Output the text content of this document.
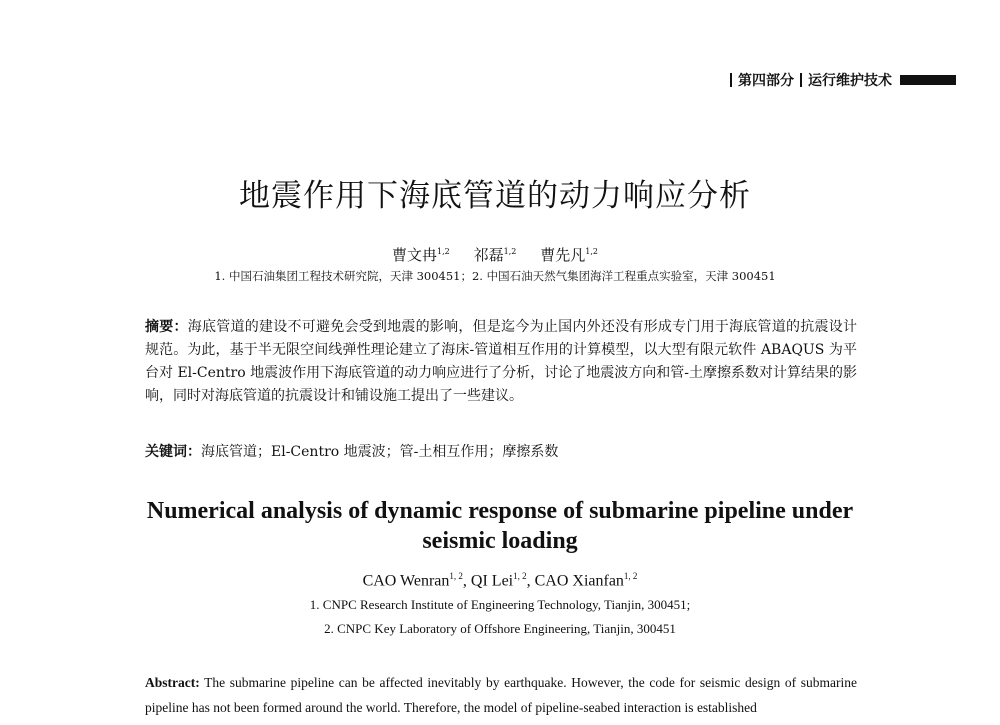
第四部分 运行维护技术
地震作用下海底管道的动力响应分析
曹文冉$^{1,2}$ 祁磊$^{1,2}$ 曹先凡$^{1,2}$
1. 中国石油集团工程技术研究院，天津 300451；2. 中国石油天然气集团海洋工程重点实验室，天津 300451
摘要：海底管道的建设不可避免会受到地震的影响，但是迄今为止国内外还没有形成专门用于海底管道的抗震设计规范。为此，基于半无限空间线弹性理论建立了海床-管道相互作用的计算模型，以大型有限元软件 ABAQUS 为平台对 El-Centro 地震波作用下海底管道的动力响应进行了分析，讨论了地震波方向和管-土摩擦系数对计算结果的影响，同时对海底管道的抗震设计和铺设施工提出了一些建议。
关键词：海底管道；El-Centro 地震波；管-土相互作用；摩擦系数
Numerical analysis of dynamic response of submarine pipeline under seismic loading
CAO Wenran$^{1, 2}$, QI Lei$^{1, 2}$, CAO Xianfan$^{1, 2}$
1. CNPC Research Institute of Engineering Technology, Tianjin, 300451;
2. CNPC Key Laboratory of Offshore Engineering, Tianjin, 300451
Abstract: The submarine pipeline can be affected inevitably by earthquake. However, the code for seismic design of submarine pipeline has not been formed around the world. Therefore, the model of pipeline-seabed interaction is established
